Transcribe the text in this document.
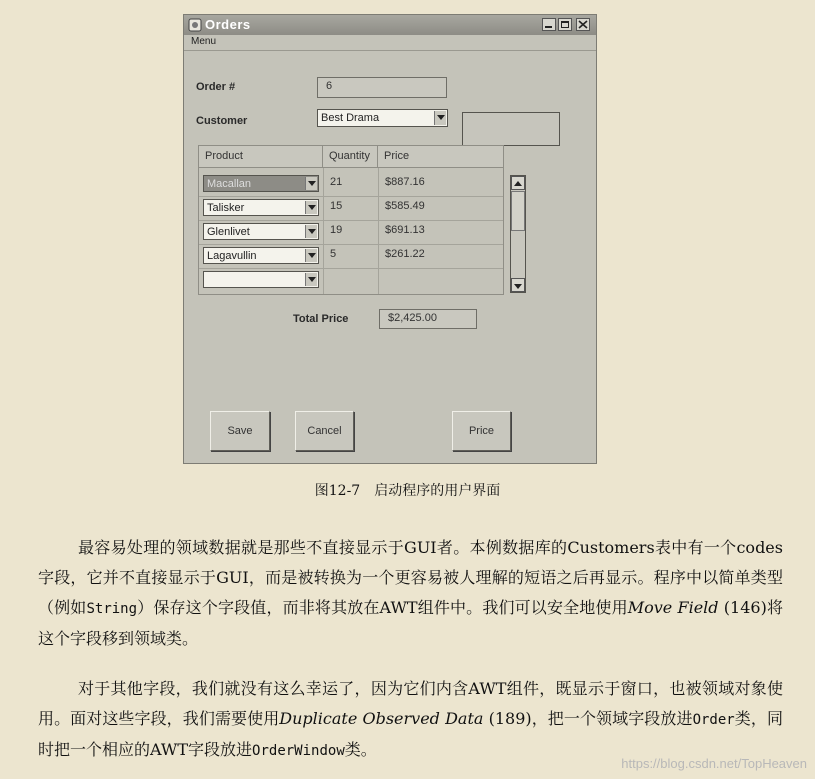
Orders
Menu
Order #	6
Customer	Best Drama
Product	Quantity	Price
Macallan	21	$887.16
Talisker	15	$585.49
Glenlivet	19	$691.13
Lagavullin	5	$261.22
Total Price	$2,425.00
Save	Cancel	Price
图12-7　启动程序的用户界面
最容易处理的领域数据就是那些不直接显示于GUI者。本例数据库的Customers表中有一个codes字段，它并不直接显示于GUI，而是被转换为一个更容易被人理解的短语之后再显示。程序中以简单类型（例如String）保存这个字段值，而非将其放在AWT组件中。我们可以安全地使用Move Field (146)将这个字段移到领域类。
对于其他字段，我们就没有这么幸运了，因为它们内含AWT组件，既显示于窗口，也被领域对象使用。面对这些字段，我们需要使用Duplicate Observed Data (189)，把一个领域字段放进Order类，同时把一个相应的AWT字段放进OrderWindow类。
https://blog.csdn.net/TopHeaven
